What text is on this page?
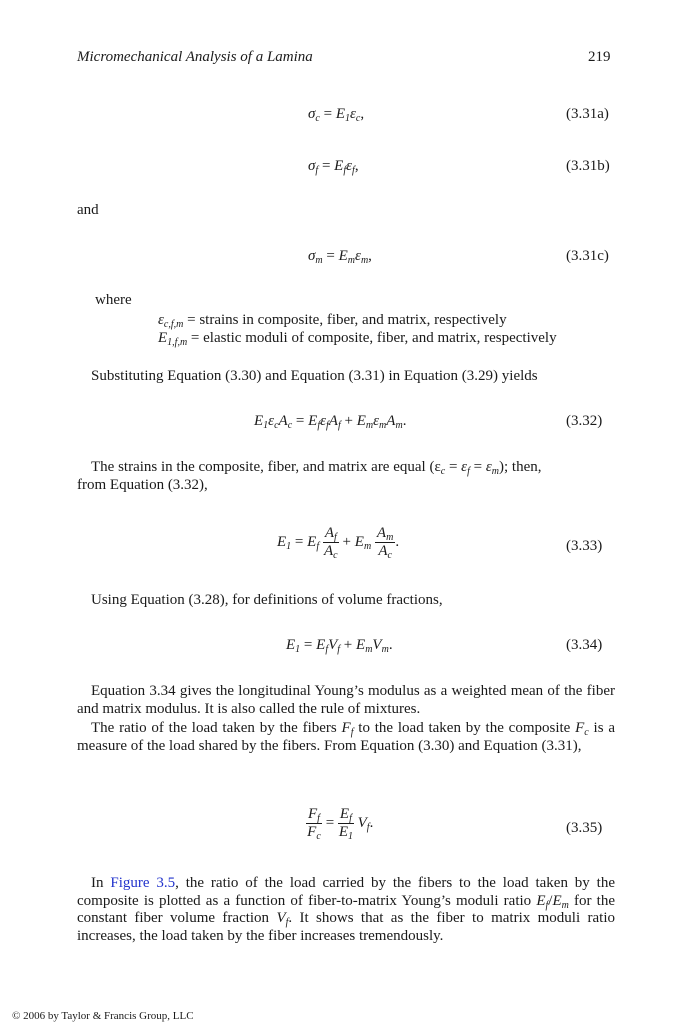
Micromechanical Analysis of a Lamina	219
$\sigma_c = E_1\varepsilon_c$,	(3.31a)
$\sigma_f = E_f\varepsilon_f$,	(3.31b)
and
$\sigma_m = E_m\varepsilon_m$,	(3.31c)
where
$\varepsilon_{c,f,m}$ = strains in composite, fiber, and matrix, respectively
$E_{1,f,m}$ = elastic moduli of composite, fiber, and matrix, respectively
Substituting Equation (3.30) and Equation (3.31) in Equation (3.29) yields
$E_1\varepsilon_cA_c = E_f\varepsilon_fA_f + E_m\varepsilon_mA_m$.	(3.32)
The strains in the composite, fiber, and matrix are equal $(\varepsilon_c = \varepsilon_f = \varepsilon_m)$; then,
from Equation (3.32),
$E_1 = E_f \frac{A_f}{A_c} + E_m \frac{A_m}{A_c}$ .	(3.33)
Using Equation (3.28), for definitions of volume fractions,
$E_1 = E_fV_f + E_mV_m$.	(3.34)
Equation 3.34 gives the longitudinal Young’s modulus as a weighted mean of the fiber and matrix modulus. It is also called the rule of mixtures.
The ratio of the load taken by the fibers $F_f$ to the load taken by the composite $F_c$ is a measure of the load shared by the fibers. From Equation (3.30) and Equation (3.31),
$\frac{F_f}{F_c} = \frac{E_f}{E_1} V_f$.	(3.35)
In Figure 3.5, the ratio of the load carried by the fibers to the load taken by the composite is plotted as a function of fiber-to-matrix Young’s moduli ratio $E_f/E_m$ for the constant fiber volume fraction $V_f$. It shows that as the fiber to matrix moduli ratio increases, the load taken by the fiber increases tremendously.
© 2006 by Taylor & Francis Group, LLC
